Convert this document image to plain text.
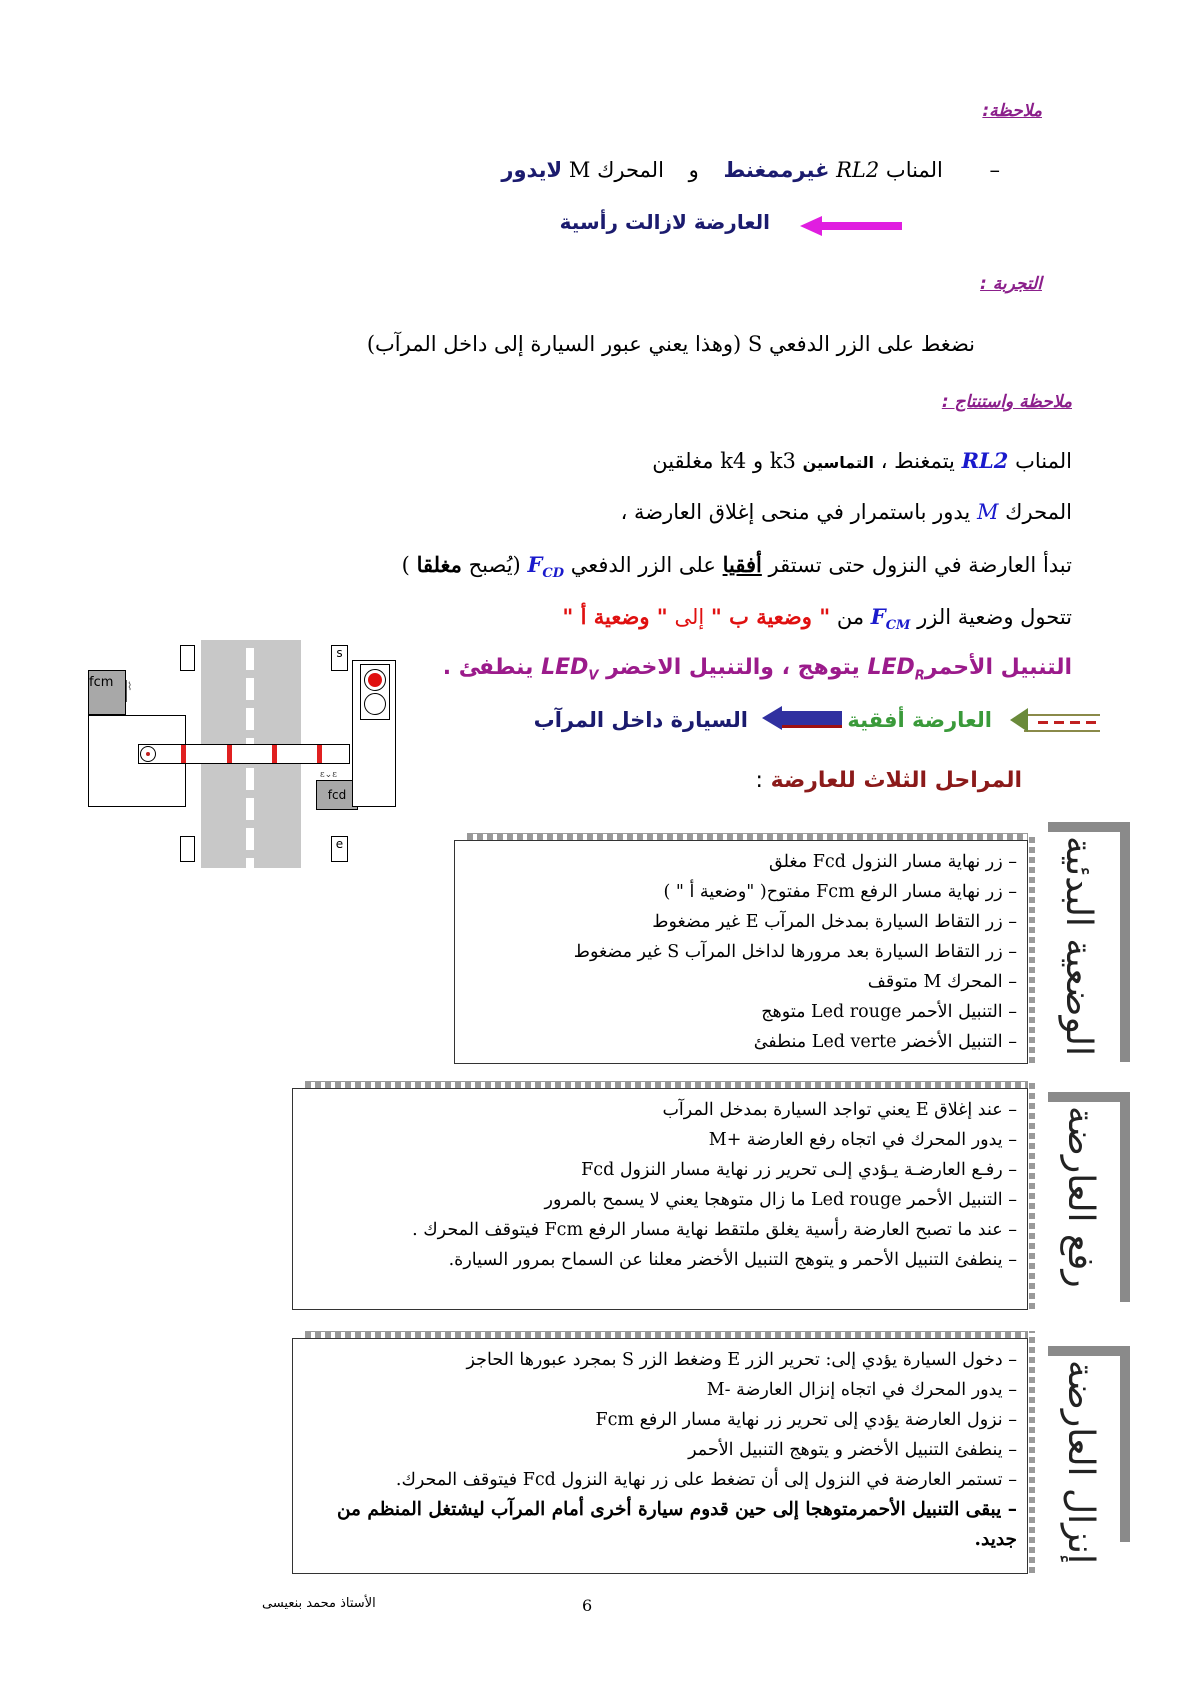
ملاحظة:
– المناب RL2 غيرممغنط و المحرك M لايدور
العارضة لازالت رأسية
التجربة :
نضغط على الزر الدفعي S (وهذا يعني عبور السيارة إلى داخل المرآب)
ملاحظة واستنتاج :
المناب RL2 يتمغنط ، التماسين k3 و k4 مغلقين
المحرك M يدور باستمرار في منحى إغلاق العارضة ،
تبدأ العارضة في النزول حتى تستقر أفقيا على الزر الدفعي $F_{CD}$ (يُصبح مغلقا )
تتحول وضعية الزر $F_{CM}$ من " وضعية ب " إلى " وضعية أ "
التنبيل الأحمرLED$_R$ يتوهج ، والتنبيل الاخضر $LED_V$ ينطفئ .
العارضة أفقية
السيارة داخل المرآب
s
e
fcm	⌇
ε⌄ε
fcd
المراحل الثلاث للعارضة :
– زر نهاية مسار النزول Fcd مغلق
– زر نهاية مسار الرفع Fcm مفتوح( "وضعية أ " )
– زر التقاط السيارة بمدخل المرآب E غير مضغوط
– زر التقاط السيارة بعد مرورها لداخل المرآب S غير مضغوط
– المحرك M متوقف
– التنبيل الأحمر Led rouge متوهج
– التنبيل الأخضر Led verte منطفئ	الوضعية البدئية
– عند إغلاق E يعني تواجد السيارة بمدخل المرآب
– يدور المحرك في اتجاه رفع العارضة +M
– رفـع العارضـة يـؤدي إلـى تحرير زر نهاية مسار النزول Fcd
– التنبيل الأحمر Led rouge ما زال متوهجا يعني لا يسمح بالمرور
– عند ما تصبح العارضة رأسية يغلق ملتقط نهاية مسار الرفع Fcm فيتوقف المحرك .
– ينطفئ التنبيل الأحمر و يتوهج التنبيل الأخضر معلنا عن السماح بمرور السيارة.	رفع العارضة
– دخول السيارة يؤدي إلى: تحرير الزر E وضغط الزر S بمجرد عبورها الحاجز
– يدور المحرك في اتجاه إنزال العارضة -M
– نزول العارضة يؤدي إلى تحرير زر نهاية مسار الرفع Fcm
– ينطفئ التنبيل الأخضر و يتوهج التنبيل الأحمر
– تستمر العارضة في النزول إلى أن تضغط على زر نهاية النزول Fcd فيتوقف المحرك.
– يبقى التنبيل الأحمرمتوهجا إلى حين قدوم سيارة أخرى أمام المرآب ليشتغل المنظم من جديد. إنزال العارضة
6
الأستاذ محمد بنعيسى
